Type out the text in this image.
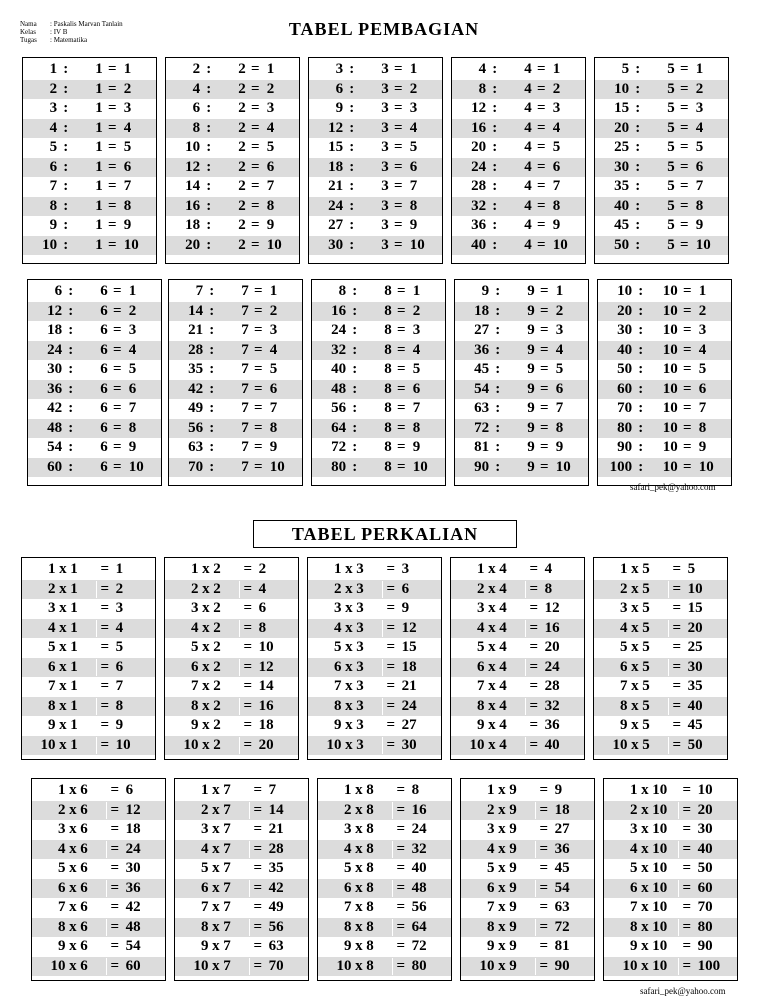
Nama	: Paskalis Marvan Tanlain
Kelas	: IV B
Tugas	: Matematika
TABEL PEMBAGIAN
1 :	1 = 1
2 :	1 = 2
3 :	1 = 3
4 :	1 = 4
5 :	1 = 5
6 :	1 = 6
7 :	1 = 7
8 :	1 = 8
9 :	1 = 9
10 :	1 = 10
2 :	2 = 1
4 :	2 = 2
6 :	2 = 3
8 :	2 = 4
10 :	2 = 5
12 :	2 = 6
14 :	2 = 7
16 :	2 = 8
18 :	2 = 9
20 :	2 = 10
3 :	3 = 1
6 :	3 = 2
9 :	3 = 3
12 :	3 = 4
15 :	3 = 5
18 :	3 = 6
21 :	3 = 7
24 :	3 = 8
27 :	3 = 9
30 :	3 = 10
4 :	4 = 1
8 :	4 = 2
12 :	4 = 3
16 :	4 = 4
20 :	4 = 5
24 :	4 = 6
28 :	4 = 7
32 :	4 = 8
36 :	4 = 9
40 :	4 = 10
5 :	5 = 1
10 :	5 = 2
15 :	5 = 3
20 :	5 = 4
25 :	5 = 5
30 :	5 = 6
35 :	5 = 7
40 :	5 = 8
45 :	5 = 9
50 :	5 = 10
6 :	6 = 1
12 :	6 = 2
18 :	6 = 3
24 :	6 = 4
30 :	6 = 5
36 :	6 = 6
42 :	6 = 7
48 :	6 = 8
54 :	6 = 9
60 :	6 = 10
7 :	7 = 1
14 :	7 = 2
21 :	7 = 3
28 :	7 = 4
35 :	7 = 5
42 :	7 = 6
49 :	7 = 7
56 :	7 = 8
63 :	7 = 9
70 :	7 = 10
8 :	8 = 1
16 :	8 = 2
24 :	8 = 3
32 :	8 = 4
40 :	8 = 5
48 :	8 = 6
56 :	8 = 7
64 :	8 = 8
72 :	8 = 9
80 :	8 = 10
9 :	9 = 1
18 :	9 = 2
27 :	9 = 3
36 :	9 = 4
45 :	9 = 5
54 :	9 = 6
63 :	9 = 7
72 :	9 = 8
81 :	9 = 9
90 :	9 = 10
10 :	10 = 1
20 :	10 = 2
30 :	10 = 3
40 :	10 = 4
50 :	10 = 5
60 :	10 = 6
70 :	10 = 7
80 :	10 = 8
90 :	10 = 9
100 :	10 = 10
safari_pek@yahoo.com
TABEL PERKALIAN
1 x 1	= 1
2 x 1	= 2
3 x 1	= 3
4 x 1	= 4
5 x 1	= 5
6 x 1	= 6
7 x 1	= 7
8 x 1	= 8
9 x 1	= 9
10 x 1	= 10
1 x 2	= 2
2 x 2	= 4
3 x 2	= 6
4 x 2	= 8
5 x 2	= 10
6 x 2	= 12
7 x 2	= 14
8 x 2	= 16
9 x 2	= 18
10 x 2	= 20
1 x 3	= 3
2 x 3	= 6
3 x 3	= 9
4 x 3	= 12
5 x 3	= 15
6 x 3	= 18
7 x 3	= 21
8 x 3	= 24
9 x 3	= 27
10 x 3	= 30
1 x 4	= 4
2 x 4	= 8
3 x 4	= 12
4 x 4	= 16
5 x 4	= 20
6 x 4	= 24
7 x 4	= 28
8 x 4	= 32
9 x 4	= 36
10 x 4	= 40
1 x 5	= 5
2 x 5	= 10
3 x 5	= 15
4 x 5	= 20
5 x 5	= 25
6 x 5	= 30
7 x 5	= 35
8 x 5	= 40
9 x 5	= 45
10 x 5	= 50
1 x 6	= 6
2 x 6	= 12
3 x 6	= 18
4 x 6	= 24
5 x 6	= 30
6 x 6	= 36
7 x 6	= 42
8 x 6	= 48
9 x 6	= 54
10 x 6	= 60
1 x 7	= 7
2 x 7	= 14
3 x 7	= 21
4 x 7	= 28
5 x 7	= 35
6 x 7	= 42
7 x 7	= 49
8 x 7	= 56
9 x 7	= 63
10 x 7	= 70
1 x 8	= 8
2 x 8	= 16
3 x 8	= 24
4 x 8	= 32
5 x 8	= 40
6 x 8	= 48
7 x 8	= 56
8 x 8	= 64
9 x 8	= 72
10 x 8	= 80
1 x 9	= 9
2 x 9	= 18
3 x 9	= 27
4 x 9	= 36
5 x 9	= 45
6 x 9	= 54
7 x 9	= 63
8 x 9	= 72
9 x 9	= 81
10 x 9	= 90
1 x 10	= 10
2 x 10	= 20
3 x 10	= 30
4 x 10	= 40
5 x 10	= 50
6 x 10	= 60
7 x 10	= 70
8 x 10	= 80
9 x 10	= 90
10 x 10	= 100
safari_pek@yahoo.com
